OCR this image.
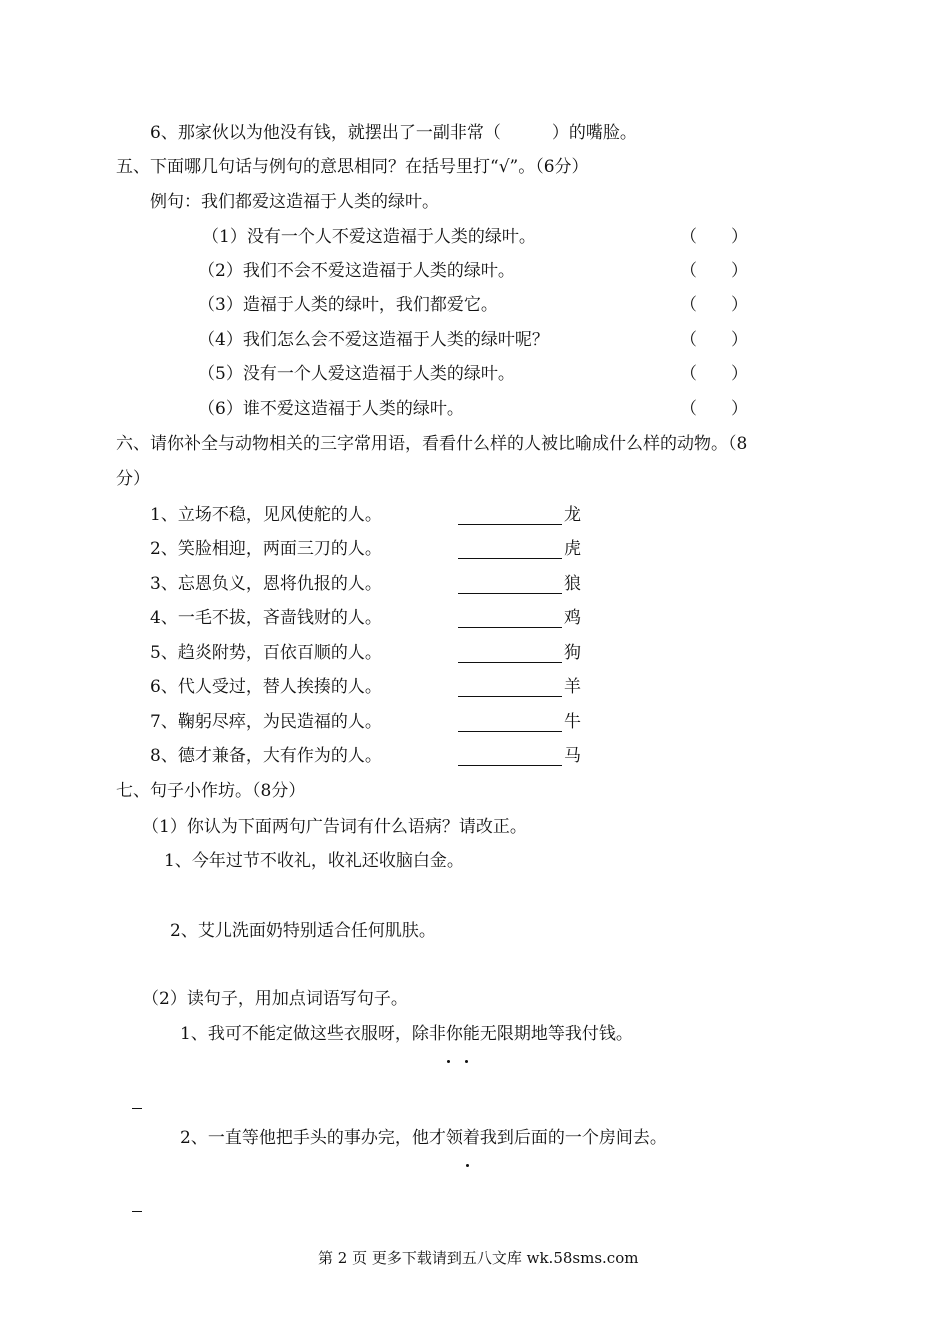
6、那家伙以为他没有钱，就摆出了一副非常（　　　）的嘴脸。
五、下面哪几句话与例句的意思相同？在括号里打“√”。（6分）
例句：我们都爱这造福于人类的绿叶。
（1）没有一个人不爱这造福于人类的绿叶。	（　　）
（2）我们不会不爱这造福于人类的绿叶。	（　　）
（3）造福于人类的绿叶，我们都爱它。	（　　）
（4）我们怎么会不爱这造福于人类的绿叶呢？	（　　）
（5）没有一个人爱这造福于人类的绿叶。	（　　）
（6）谁不爱这造福于人类的绿叶。	（　　）
六、请你补全与动物相关的三字常用语，看看什么样的人被比喻成什么样的动物。（8
分）
1、立场不稳，见风使舵的人。	龙
2、笑脸相迎，两面三刀的人。	虎
3、忘恩负义，恩将仇报的人。	狼
4、一毛不拔，吝啬钱财的人。	鸡
5、趋炎附势，百依百顺的人。	狗
6、代人受过，替人挨揍的人。	羊
7、鞠躬尽瘁，为民造福的人。	牛
8、德才兼备，大有作为的人。	马
七、句子小作坊。（8分）
（1）你认为下面两句广告词有什么语病？请改正。
1、今年过节不收礼，收礼还收脑白金。
2、艾儿洗面奶特别适合任何肌肤。
（2）读句子，用加点词语写句子。
1、我可不能定做这些衣服呀，除非你能无限期地等我付钱。
2、一直等他把手头的事办完，他才领着我到后面的一个房间去。
第 2 页 更多下载请到五八文库 wk.58sms.com
